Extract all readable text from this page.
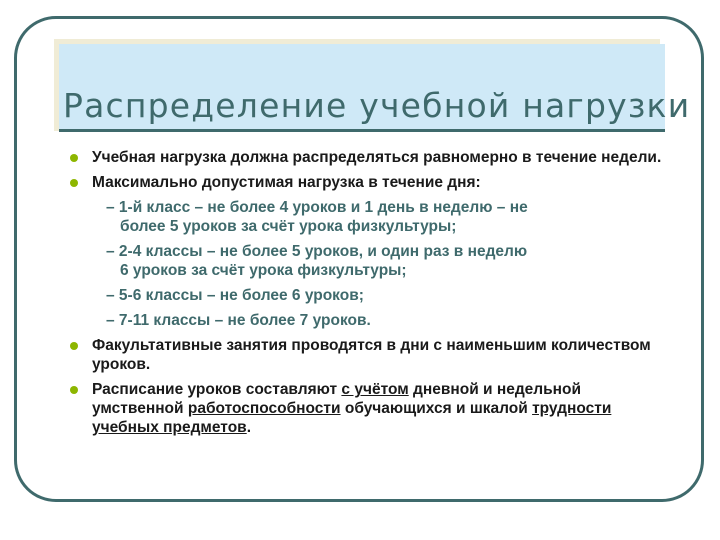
Распределение учебной нагрузки
Учебная нагрузка должна распределяться равномерно в течение недели.
Максимально допустимая нагрузка в течение дня:
– 1-й класс – не более 4 уроков и 1 день в неделю – не
более 5 уроков за счёт урока физкультуры;
– 2-4 классы – не более 5 уроков, и один раз в неделю
6 уроков за счёт урока физкультуры;
– 5-6 классы – не более 6 уроков;
– 7-11 классы – не более 7 уроков.
Факультативные занятия проводятся в дни с наименьшим количеством уроков.
Расписание уроков составляют с учётом дневной и недельной умственной работоспособности обучающихся и шкалой трудности учебных предметов.
